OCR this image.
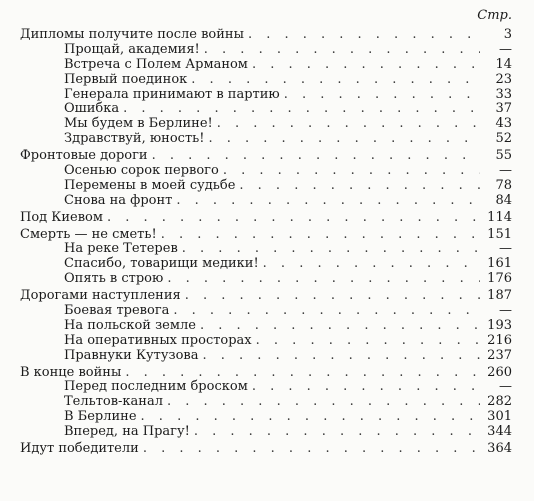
Стр.
Дипломы получите после войны . . .	3
Прощай, академия! . . .	—
Встреча с Полем Арманом . . .	14
Первый поединок . . .	23
Генерала принимают в партию . . .	33
Ошибка . . .	37
Мы будем в Берлине! . . .	43
Здравствуй, юность! . . .	52
Фронтовые дороги . . .	55
Осенью сорок первого . . .	—
Перемены в моей судьбе . . .	78
Снова на фронт . . .	84
Под Киевом . . .	114
Смерть — не сметь! . . .	151
На реке Тетерев . . .	—
Спасибо, товарищи медики! . . .	161
Опять в строю . . .	176
Дорогами наступления . . .	187
Боевая тревога . . .	—
На польской земле . . .	193
На оперативных просторах . . .	216
Правнуки Кутузова . . .	237
В конце войны . . .	260
Перед последним броском . . .	—
Тельтов-канал . . .	282
В Берлине . . .	301
Вперед, на Прагу! . . .	344
Идут победители . . .	364
